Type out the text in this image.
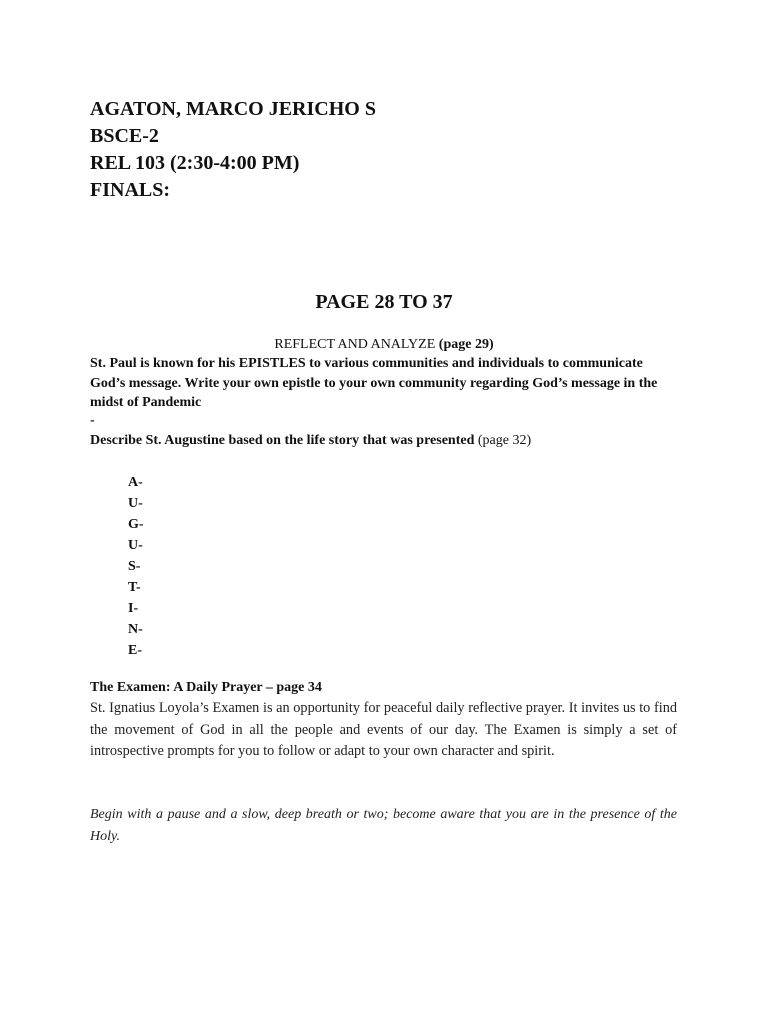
AGATON, MARCO JERICHO S
BSCE-2
REL 103 (2:30-4:00 PM)
FINALS:
PAGE 28 TO 37
REFLECT AND ANALYZE (page 29)
St. Paul is known for his EPISTLES to various communities and individuals to communicate God’s message. Write your own epistle to your own community regarding God’s message in the midst of Pandemic
-
Describe St. Augustine based on the life story that was presented (page 32)
A-
U-
G-
U-
S-
T-
I-
N-
E-
The Examen: A Daily Prayer – page 34
St. Ignatius Loyola’s Examen is an opportunity for peaceful daily reflective prayer. It invites us to find the movement of God in all the people and events of our day. The Examen is simply a set of introspective prompts for you to follow or adapt to your own character and spirit.
Begin with a pause and a slow, deep breath or two; become aware that you are in the presence of the Holy.
